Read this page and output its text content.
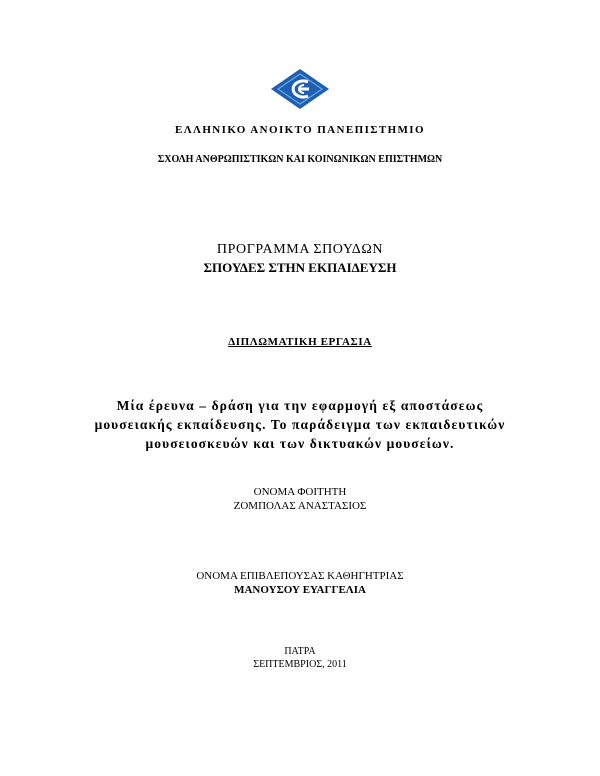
ΕΛΛΗΝΙΚΟ ΑΝΟΙΚΤΟ ΠΑΝΕΠΙΣΤΗΜΙΟ
ΣΧΟΛΗ ΑΝΘΡΩΠΙΣΤΙΚΩΝ ΚΑΙ ΚΟΙΝΩΝΙΚΩΝ ΕΠΙΣΤΗΜΩΝ
ΠΡΟΓΡΑΜΜΑ ΣΠΟΥΔΩΝ
ΣΠΟΥΔΕΣ ΣΤΗΝ ΕΚΠΑΙΔΕΥΣΗ
ΔΙΠΛΩΜΑΤΙΚΗ ΕΡΓΑΣΙΑ
Μία έρευνα – δράση για την εφαρμογή εξ αποστάσεως
μουσειακής εκπαίδευσης. Το παράδειγμα των εκπαιδευτικών
μουσειοσκευών και των δικτυακών μουσείων.
ΟΝΟΜΑ ΦΟΙΤΗΤΗ
ΖΟΜΠΟΛΑΣ ΑΝΑΣΤΑΣΙΟΣ
ΟΝΟΜΑ ΕΠΙΒΛΕΠΟΥΣΑΣ ΚΑΘΗΓΗΤΡΙΑΣ
ΜΑΝΟΥΣΟΥ ΕΥΑΓΓΕΛΙΑ
ΠΑΤΡΑ
ΣΕΠΤΕΜΒΡΙΟΣ, 2011
